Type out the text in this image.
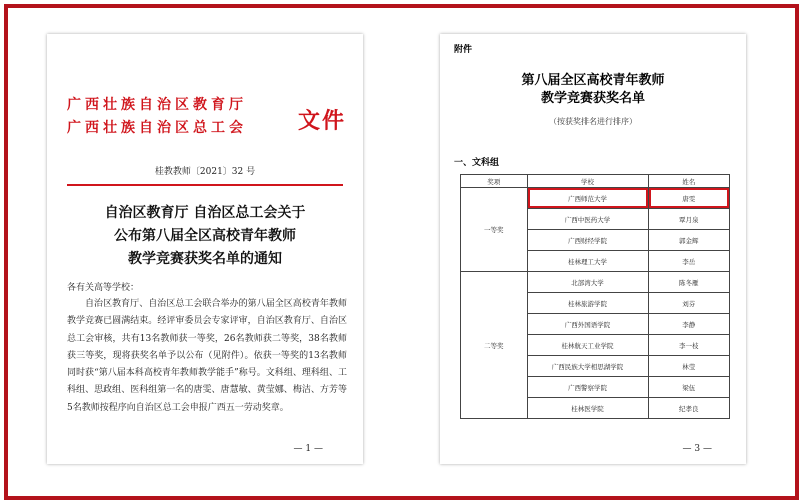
广西壮族自治区教育厅
广西壮族自治区总工会 文件
桂教教师〔2021〕32 号
自治区教育厅 自治区总工会关于
公布第八届全区高校青年教师
教学竞赛获奖名单的通知
各有关高等学校：
自治区教育厅、自治区总工会联合举办的第八届全区高校青年教师教学竞赛已圆满结束。经评审委员会专家评审，自治区教育厅、自治区总工会审核，共有13名教师获一等奖，26名教师获二等奖，38名教师获三等奖，现将获奖名单予以公布（见附件）。依获一等奖的13名教师同时获“第八届本科高校青年教师教学能手”称号。文科组、理科组、工科组、思政组、医科组第一名的唐雯、唐慧敏、黄莹娜、梅洁、方芳等5名教师按程序向自治区总工会申报广西五一劳动奖章。
— 1 —
附件
第八届全区高校青年教师
教学竞赛获奖名单
（按获奖排名进行排序）
一、文科组
奖项	学校	姓名
一等奖	广西师范大学	唐雯
	广西中医药大学	覃月泉
	广西财经学院	郭金辉
	桂林理工大学	李岳
二等奖	北部湾大学	陈冬雁
	桂林旅游学院	刘芬
	广西外国语学院	李静
	桂林航天工业学院	李一枝
	广西民族大学相思湖学院	林莹
	广西警察学院	梁伍
	桂林医学院	纪孝良
— 3 —
